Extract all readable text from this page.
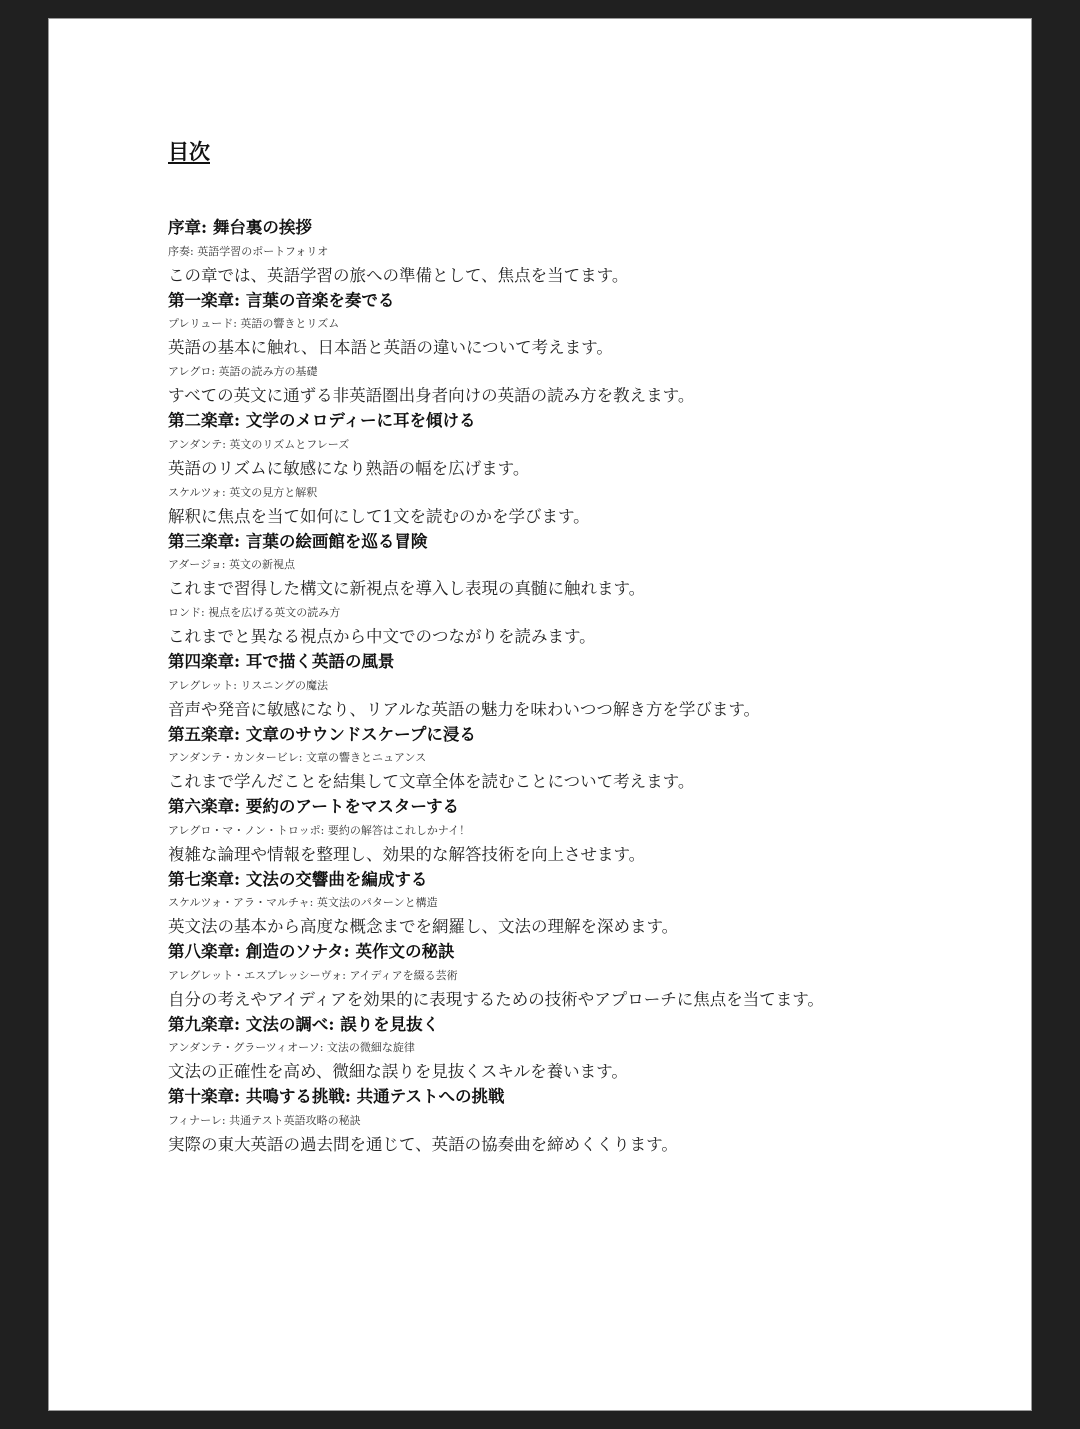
目次
序章: 舞台裏の挨拶
序奏: 英語学習のポートフォリオ
この章では、英語学習の旅への準備として、焦点を当てます。
第一楽章: 言葉の音楽を奏でる
プレリュード: 英語の響きとリズム
英語の基本に触れ、日本語と英語の違いについて考えます。
アレグロ: 英語の読み方の基礎
すべての英文に通ずる非英語圏出身者向けの英語の読み方を教えます。
第二楽章: 文学のメロディーに耳を傾ける
アンダンテ: 英文のリズムとフレーズ
英語のリズムに敏感になり熟語の幅を広げます。
スケルツォ: 英文の見方と解釈
解釈に焦点を当て如何にして1文を読むのかを学びます。
第三楽章: 言葉の絵画館を巡る冒険
アダージョ: 英文の新視点
これまで習得した構文に新視点を導入し表現の真髄に触れます。
ロンド: 視点を広げる英文の読み方
これまでと異なる視点から中文でのつながりを読みます。
第四楽章: 耳で描く英語の風景
アレグレット: リスニングの魔法
音声や発音に敏感になり、リアルな英語の魅力を味わいつつ解き方を学びます。
第五楽章: 文章のサウンドスケープに浸る
アンダンテ・カンタービレ: 文章の響きとニュアンス
これまで学んだことを結集して文章全体を読むことについて考えます。
第六楽章: 要約のアートをマスターする
アレグロ・マ・ノン・トロッポ: 要約の解答はこれしかナイ！
複雑な論理や情報を整理し、効果的な解答技術を向上させます。
第七楽章: 文法の交響曲を編成する
スケルツォ・アラ・マルチャ: 英文法のパターンと構造
英文法の基本から高度な概念までを網羅し、文法の理解を深めます。
第八楽章: 創造のソナタ: 英作文の秘訣
アレグレット・エスプレッシーヴォ: アイディアを綴る芸術
自分の考えやアイディアを効果的に表現するための技術やアプローチに焦点を当てます。
第九楽章: 文法の調べ: 誤りを見抜く
アンダンテ・グラーツィオーソ: 文法の微細な旋律
文法の正確性を高め、微細な誤りを見抜くスキルを養います。
第十楽章: 共鳴する挑戦: 共通テストへの挑戦
フィナーレ: 共通テスト英語攻略の秘訣
実際の東大英語の過去問を通じて、英語の協奏曲を締めくくります。
